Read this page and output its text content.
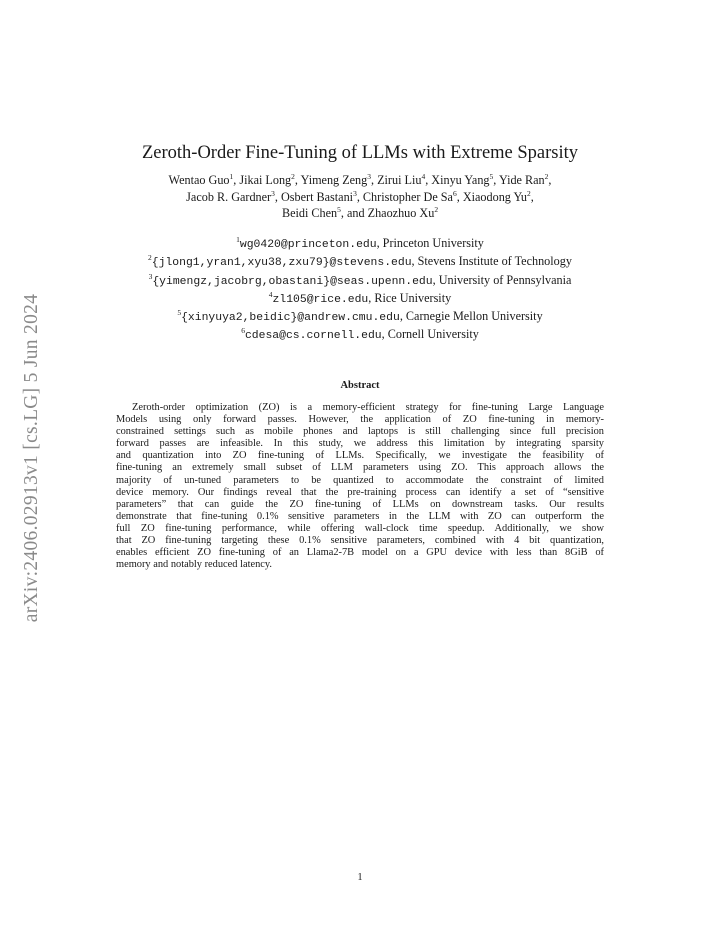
arXiv:2406.02913v1 [cs.LG] 5 Jun 2024
Zeroth-Order Fine-Tuning of LLMs with Extreme Sparsity
Wentao Guo$^1$, Jikai Long$^2$, Yimeng Zeng$^3$, Zirui Liu$^4$, Xinyu Yang$^5$, Yide Ran$^2$,
Jacob R. Gardner$^3$, Osbert Bastani$^3$, Christopher De Sa$^6$, Xiaodong Yu$^2$,
Beidi Chen$^5$, and Zhaozhuo Xu$^2$
$^1$wg0420@princeton.edu, Princeton University
$^2${jlong1,yran1,xyu38,zxu79}@stevens.edu, Stevens Institute of Technology
$^3${yimengz,jacobrg,obastani}@seas.upenn.edu, University of Pennsylvania
$^4$zl105@rice.edu, Rice University
$^5${xinyuya2,beidic}@andrew.cmu.edu, Carnegie Mellon University
$^6$cdesa@cs.cornell.edu, Cornell University
Abstract
Zeroth-order optimization (ZO) is a memory-efficient strategy for fine-tuning Large Language
Models using only forward passes. However, the application of ZO fine-tuning in memory-
constrained settings such as mobile phones and laptops is still challenging since full precision
forward passes are infeasible. In this study, we address this limitation by integrating sparsity
and quantization into ZO fine-tuning of LLMs. Specifically, we investigate the feasibility of
fine-tuning an extremely small subset of LLM parameters using ZO. This approach allows the
majority of un-tuned parameters to be quantized to accommodate the constraint of limited
device memory. Our findings reveal that the pre-training process can identify a set of “sensitive
parameters” that can guide the ZO fine-tuning of LLMs on downstream tasks. Our results
demonstrate that fine-tuning 0.1% sensitive parameters in the LLM with ZO can outperform the
full ZO fine-tuning performance, while offering wall-clock time speedup. Additionally, we show
that ZO fine-tuning targeting these 0.1% sensitive parameters, combined with 4 bit quantization,
enables efficient ZO fine-tuning of an Llama2-7B model on a GPU device with less than 8GiB of
memory and notably reduced latency.
1
